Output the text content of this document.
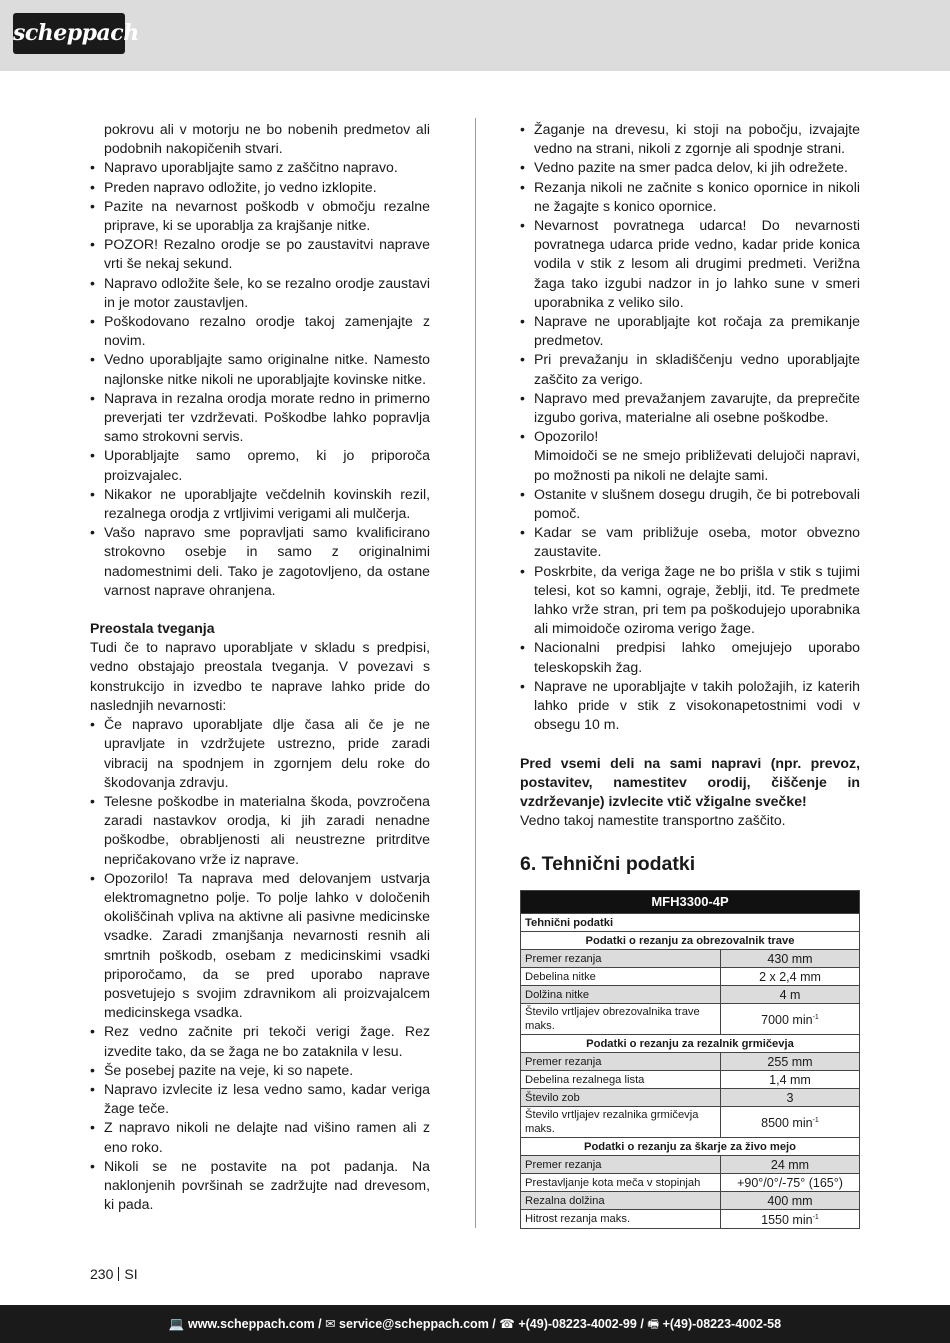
scheppach
pokrovu ali v motorju ne bo nobenih predmetov ali podobnih nakopičenih stvari.
• Napravo uporabljajte samo z zaščitno napravo.
• Preden napravo odložite, jo vedno izklopite.
• Pazite na nevarnost poškodb v območju rezalne priprave, ki se uporablja za krajšanje nitke.
• POZOR! Rezalno orodje se po zaustavitvi naprave vrti še nekaj sekund.
• Napravo odložite šele, ko se rezalno orodje zaustavi in je motor zaustavljen.
• Poškodovano rezalno orodje takoj zamenjajte z novim.
• Vedno uporabljajte samo originalne nitke. Namesto najlonske nitke nikoli ne uporabljajte kovinske nitke.
• Naprava in rezalna orodja morate redno in primerno preverjati ter vzdrževati. Poškodbe lahko popravlja samo strokovni servis.
• Uporabljajte samo opremo, ki jo priporoča proizvajalec.
• Nikakor ne uporabljajte večdelnih kovinskih rezil, rezalnega orodja z vrtljivimi verigami ali mulčerja.
• Vašo napravo sme popravljati samo kvalificirano strokovno osebje in samo z originalnimi nadomestnimi deli. Tako je zagotovljeno, da ostane varnost naprave ohranjena.

Preostala tveganja

Tudi če to napravo uporabljate v skladu s predpisi, vedno obstajajo preostala tveganja. V povezavi s konstrukcijo in izvedbo te naprave lahko pride do naslednjih nevarnosti:

• Če napravo uporabljate dlje časa ali če je ne upravljate in vzdržujete ustrezno, pride zaradi vibracij na spodnjem in zgornjem delu roke do škodovanja zdravju.
• Telesne poškodbe in materialna škoda, povzročena zaradi nastavkov orodja, ki jih zaradi nenadne poškodbe, obrabljenosti ali neustrezne pritrditve nepričakovano vrže iz naprave.
• Opozorilo! Ta naprava med delovanjem ustvarja elektromagnetno polje. To polje lahko v določenih okoliščinah vpliva na aktivne ali pasivne medicinske vsadke. Zaradi zmanjšanja nevarnosti resnih ali smrtnih poškodb, osebam z medicinskimi vsadki priporočamo, da se pred uporabo naprave posvetujejo s svojim zdravnikom ali proizvajalcem medicinskega vsadka.
• Rez vedno začnite pri tekoči verigi žage. Rez izvedite tako, da se žaga ne bo zataknila v lesu.
• Še posebej pazite na veje, ki so napete.
• Napravo izvlecite iz lesa vedno samo, kadar veriga žage teče.
• Z napravo nikoli ne delajte nad višino ramen ali z eno roko.
• Nikoli se ne postavite na pot padanja. Na naklonjenih površinah se zadržujte nad drevesom, ki pada.
• Žaganje na drevesu, ki stoji na pobočju, izvajajte vedno na strani, nikoli z zgornje ali spodnje strani.
• Vedno pazite na smer padca delov, ki jih odrežete.
• Rezanja nikoli ne začnite s konico opornice in nikoli ne žagajte s konico opornice.
• Nevarnost povratnega udarca! Do nevarnosti povratnega udarca pride vedno, kadar pride konica vodila v stik z lesom ali drugimi predmeti. Verižna žaga tako izgubi nadzor in jo lahko sune v smeri uporabnika z veliko silo.
• Naprave ne uporabljajte kot ročaja za premikanje predmetov.
• Pri prevažanju in skladiščenju vedno uporabljajte zaščito za verigo.
• Napravo med prevažanjem zavarujte, da preprečite izgubo goriva, materialne ali osebne poškodbe.
• Opozorilo!
Mimoidoči se ne smejo približevati delujoči napravi, po možnosti pa nikoli ne delajte sami.
• Ostanite v slušnem dosegu drugih, če bi potrebovali pomoč.
• Kadar se vam približuje oseba, motor obvezno zaustavite.
• Poskrbite, da veriga žage ne bo prišla v stik s tujimi telesi, kot so kamni, ograje, žeblji, itd. Te predmete lahko vrže stran, pri tem pa poškodujejo uporabnika ali mimoidoče oziroma verigo žage.
• Nacionalni predpisi lahko omejujejo uporabo teleskopskih žag.
• Naprave ne uporabljajte v takih položajih, iz katerih lahko pride v stik z visokonapetostnimi vodi v obsegu 10 m.

Pred vsemi deli na sami napravi (npr. prevoz, postavitev, namestitev orodij, čiščenje in vzdrževanje) izvlecite vtič vžigalne svečke!

Vedno takoj namestite transportno zaščito.

6. Tehnični podatki
MFH3300-4P	
Tehnični podatki	
Podatki o rezanju za obrezovalnik trave	
Premer rezanja	430 mm
Debelina nitke	2 x 2,4 mm
Dolžina nitke	4 m
Število vrtljajev obrezovalnika trave maks.	7000 $\min^{-1}$
Podatki o rezanju za rezalnik grmičevja	
Premer rezanja	255 mm
Debelina rezalnega lista	1,4 mm
Število zob	3
Število vrtljajev rezalnika grmičevja maks.	8500 $\min^{-1}$
Podatki o rezanju za škarje za živo mejo	
Premer rezanja	24 mm
Prestavljanje kota meča v stopinjah	+90°/0°/-75° (165°)
Rezalna dolžina	400 mm
Hitrost rezanja maks.	1550 $\min^{-1}$
230 SI
💻 www.scheppach.com / ✉ service@scheppach.com / ☎ +(49)-08223-4002-99 / 🖷 +(49)-08223-4002-58
